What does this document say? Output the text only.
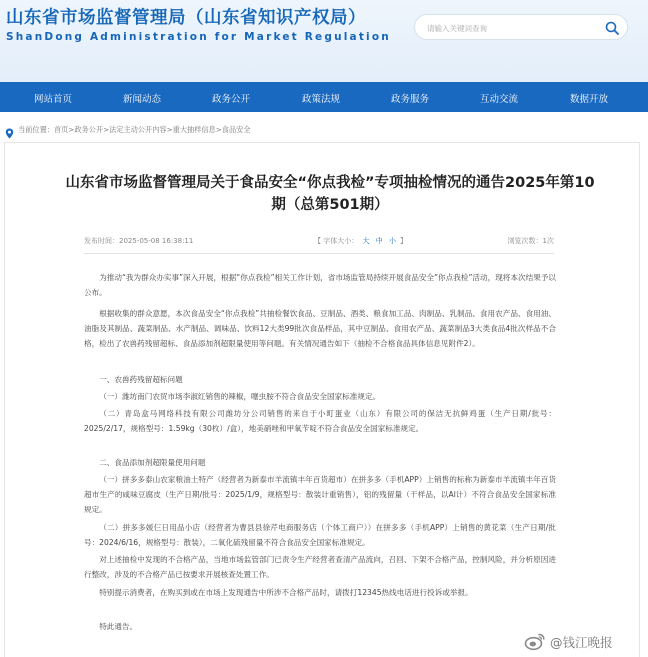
山东省市场监督管理局（山东省知识产权局）
ShanDong Administration for Market Regulation
请输入关键词查询
网站首页	新闻动态	政务公开	政策法规	政务服务	互动交流	数据开放
当前位置：首页>政务公开>法定主动公开内容>重大抽样信息>食品安全
山东省市场监督管理局关于食品安全“你点我检”专项抽检情况的通告2025年第10期（总第501期）
发布时间：2025-05-08 16:38:11	【 字体大小： 大 中 小 】	浏览次数：1次
为推动“我为群众办实事”深入开展，根据“你点我检”相关工作计划，省市场监管局持续开展食品安全“你点我检”活动，现将本次结果予以公布。
根据收集的群众意愿，本次食品安全“你点我检”共抽检餐饮食品、豆制品、酒类、粮食加工品、肉制品、乳制品、食用农产品、食用油、油脂及其制品、蔬菜制品、水产制品、调味品、饮料12大类99批次食品样品，其中豆制品、食用农产品、蔬菜制品3大类食品4批次样品不合格，检出了农兽药残留超标、食品添加剂超限量使用等问题。有关情况通告如下（抽检不合格食品具体信息见附件2）。
一、农兽药残留超标问题
（一）潍坊南门农贸市场李淑红销售的辣椒，噻虫胺不符合食品安全国家标准规定。
（二）青岛盒马网络科技有限公司潍坊分公司销售的来自于小町蛋业（山东）有限公司的保洁无抗鲜鸡蛋（生产日期/批号：2025/2/17，规格型号：1.59kg（30枚）/盒），地美硝唑和甲氧苄啶不符合食品安全国家标准规定。
二、食品添加剂超限量使用问题
（一）拼多多泰山农家粮油土特产（经营者为新泰市羊流镇丰年百货超市）在拼多多（手机APP）上销售的标称为新泰市羊流镇丰年百货超市生产的咸味豆腐皮（生产日期/批号：2025/1/9，规格型号：散装计重销售），铝的残留量（干样品，以Al计）不符合食品安全国家标准规定。
（二）拼多多媛仨日用品小店（经营者为曹县县徐芹电商服务店（个体工商户））在拼多多（手机APP）上销售的黄花菜（生产日期/批号：2024/6/16，规格型号：散装），二氧化硫残留量不符合食品安全国家标准规定。
对上述抽检中发现的不合格产品，当地市场监管部门已责令生产经营者查清产品流向，召回、下架不合格产品，控制风险，并分析原因进行整改，涉及的不合格产品已按要求开展核查处置工作。
特别提示消费者，在购买到或在市场上发现通告中所涉不合格产品时，请拨打12345热线电话进行投诉或举报。
特此通告。
@钱江晚报
